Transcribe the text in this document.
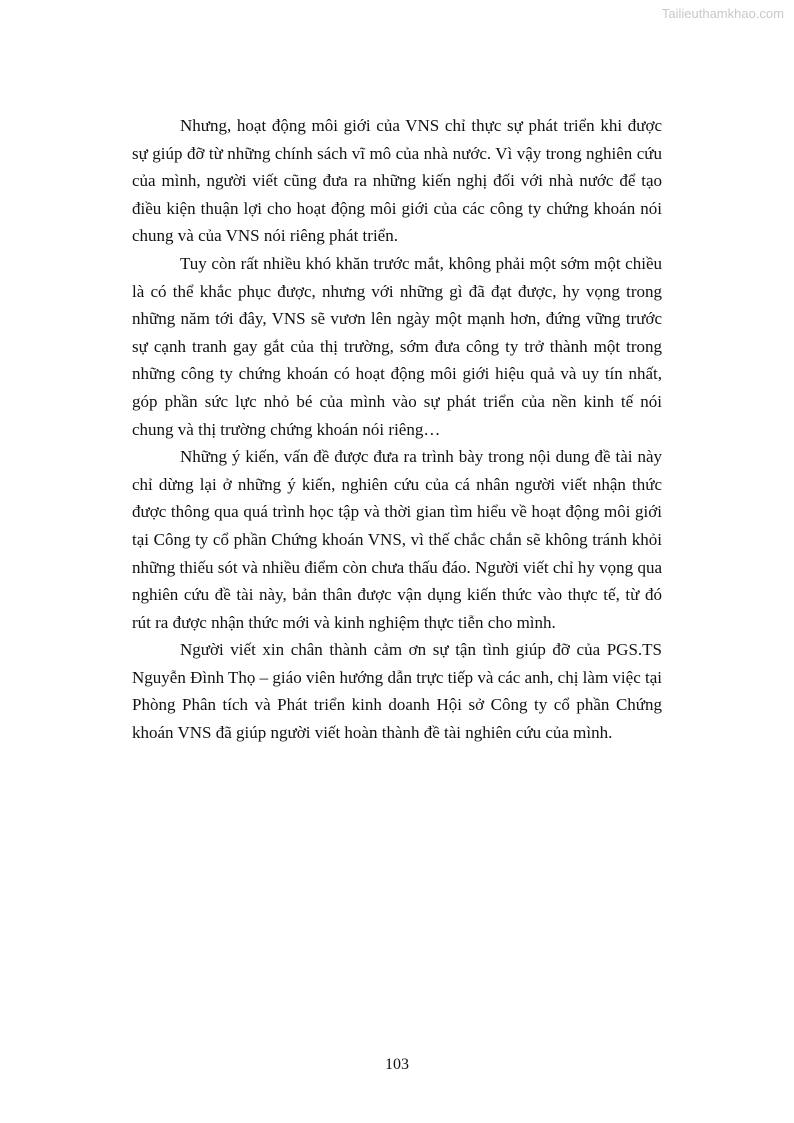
Tailieuthamkhao.com

Nhưng, hoạt động môi giới của VNS chỉ thực sự phát triển khi được sự giúp đỡ từ những chính sách vĩ mô của nhà nước. Vì vậy trong nghiên cứu của mình, người viết cũng đưa ra những kiến nghị đối với nhà nước để tạo điều kiện thuận lợi cho hoạt động môi giới của các công ty chứng khoán nói chung và của VNS nói riêng phát triển.

Tuy còn rất nhiều khó khăn trước mắt, không phải một sớm một chiều là có thể khắc phục được, nhưng với những gì đã đạt được, hy vọng trong những năm tới đây, VNS sẽ vươn lên ngày một mạnh hơn, đứng vững trước sự cạnh tranh gay gắt của thị trường, sớm đưa công ty trở thành một trong những công ty chứng khoán có hoạt động môi giới hiệu quả và uy tín nhất, góp phần sức lực nhỏ bé của mình vào sự phát triển của nền kinh tế nói chung và thị trường chứng khoán nói riêng…

Những ý kiến, vấn đề được đưa ra trình bày trong nội dung đề tài này chỉ dừng lại ở những ý kiến, nghiên cứu của cá nhân người viết nhận thức được thông qua quá trình học tập và thời gian tìm hiểu về hoạt động môi giới tại Công ty cổ phần Chứng khoán VNS, vì thế chắc chắn sẽ không tránh khỏi những thiếu sót và nhiều điểm còn chưa thấu đáo. Người viết chỉ hy vọng qua nghiên cứu đề tài này, bản thân được vận dụng kiến thức vào thực tế, từ đó rút ra được nhận thức mới và kinh nghiệm thực tiễn cho mình.

Người viết xin chân thành cảm ơn sự tận tình giúp đỡ của PGS.TS Nguyễn Đình Thọ – giáo viên hướng dẫn trực tiếp và các anh, chị làm việc tại Phòng Phân tích và Phát triển kinh doanh Hội sở Công ty cổ phần Chứng khoán VNS đã giúp người viết hoàn thành đề tài nghiên cứu của mình.

103
